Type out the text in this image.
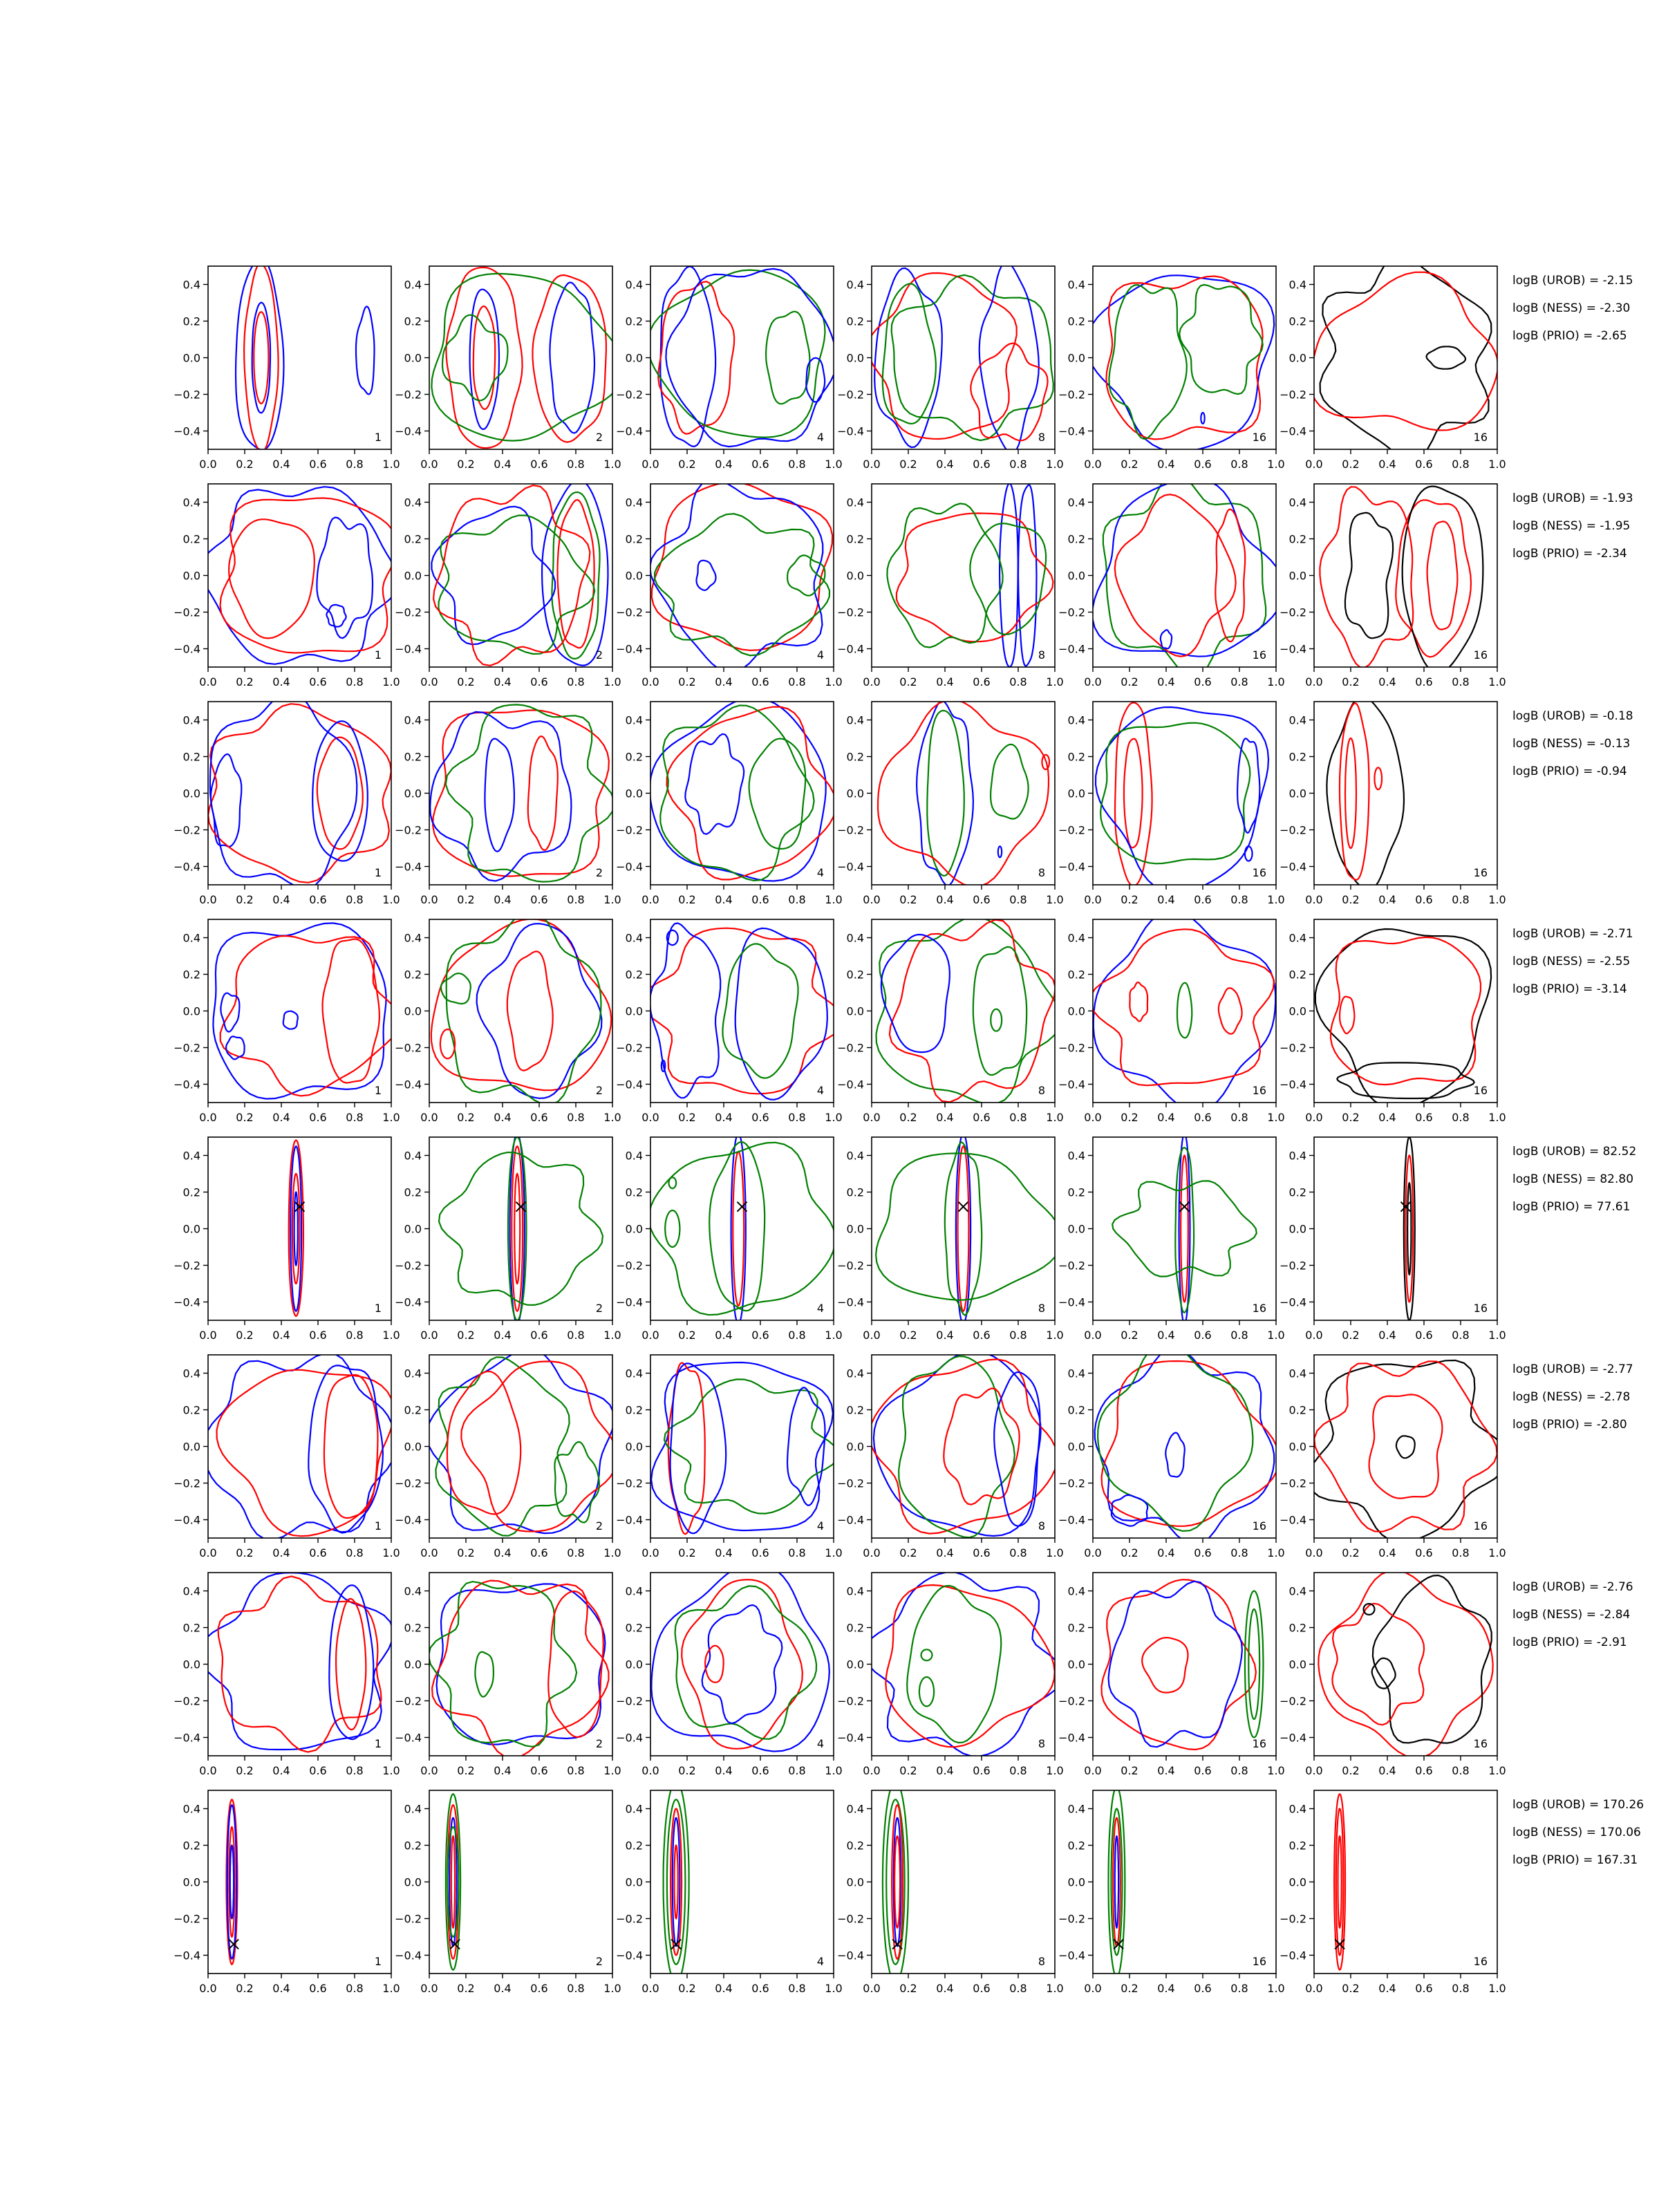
0.0 0.2 0.4 0.6 0.8 1.0
0.4
0.2
0.0
−0.2
−0.4	1
0.0 0.2 0.4 0.6 0.8 1.0
0.4
0.2
0.0
−0.2
−0.4	2
0.0 0.2 0.4 0.6 0.8 1.0
0.4
0.2
0.0
−0.2
−0.4	4
0.0 0.2 0.4 0.6 0.8 1.0
0.4
0.2
0.0
−0.2
−0.4	8
0.0 0.2 0.4 0.6 0.8 1.0
0.4
0.2
0.0
−0.2
−0.4	16
0.0 0.2 0.4 0.6 0.8 1.0
0.4
0.2
0.0
−0.2
−0.4	16
logB (UROB) = -2.15
logB (NESS) = -2.30
logB (PRIO) = -2.65
0.0 0.2 0.4 0.6 0.8 1.0
0.4
0.2
0.0
−0.2
−0.4	1
0.0 0.2 0.4 0.6 0.8 1.0
0.4
0.2
0.0
−0.2
−0.4	2
0.0 0.2 0.4 0.6 0.8 1.0
0.4
0.2
0.0
−0.2
−0.4	4
0.0 0.2 0.4 0.6 0.8 1.0
0.4
0.2
0.0
−0.2
−0.4	8
0.0 0.2 0.4 0.6 0.8 1.0
0.4
0.2
0.0
−0.2
−0.4	16
0.0 0.2 0.4 0.6 0.8 1.0
0.4
0.2
0.0
−0.2
−0.4	16
logB (UROB) = -1.93
logB (NESS) = -1.95
logB (PRIO) = -2.34
0.0 0.2 0.4 0.6 0.8 1.0
0.4
0.2
0.0
−0.2
−0.4	1
0.0 0.2 0.4 0.6 0.8 1.0
0.4
0.2
0.0
−0.2
−0.4	2
0.0 0.2 0.4 0.6 0.8 1.0
0.4
0.2
0.0
−0.2
−0.4	4
0.0 0.2 0.4 0.6 0.8 1.0
0.4
0.2
0.0
−0.2
−0.4	8
0.0 0.2 0.4 0.6 0.8 1.0
0.4
0.2
0.0
−0.2
−0.4	16
0.0 0.2 0.4 0.6 0.8 1.0
0.4
0.2
0.0
−0.2
−0.4	16
logB (UROB) = -0.18
logB (NESS) = -0.13
logB (PRIO) = -0.94
0.0 0.2 0.4 0.6 0.8 1.0
0.4
0.2
0.0
−0.2
−0.4	1
0.0 0.2 0.4 0.6 0.8 1.0
0.4
0.2
0.0
−0.2
−0.4	2
0.0 0.2 0.4 0.6 0.8 1.0
0.4
0.2
0.0
−0.2
−0.4	4
0.0 0.2 0.4 0.6 0.8 1.0
0.4
0.2
0.0
−0.2
−0.4	8
0.0 0.2 0.4 0.6 0.8 1.0
0.4
0.2
0.0
−0.2
−0.4	16
0.0 0.2 0.4 0.6 0.8 1.0
0.4
0.2
0.0
−0.2
−0.4	16
logB (UROB) = -2.71
logB (NESS) = -2.55
logB (PRIO) = -3.14
0.0 0.2 0.4 0.6 0.8 1.0
0.4
0.2
0.0
−0.2
−0.4	1
0.0 0.2 0.4 0.6 0.8 1.0
0.4
0.2
0.0
−0.2
−0.4	2
0.0 0.2 0.4 0.6 0.8 1.0
0.4
0.2
0.0
−0.2
−0.4	4
0.0 0.2 0.4 0.6 0.8 1.0
0.4
0.2
0.0
−0.2
−0.4	8
0.0 0.2 0.4 0.6 0.8 1.0
0.4
0.2
0.0
−0.2
−0.4	16
0.0 0.2 0.4 0.6 0.8 1.0
0.4
0.2
0.0
−0.2
−0.4	16
logB (UROB) = 82.52
logB (NESS) = 82.80
logB (PRIO) = 77.61
0.0 0.2 0.4 0.6 0.8 1.0
0.4
0.2
0.0
−0.2
−0.4	1
0.0 0.2 0.4 0.6 0.8 1.0
0.4
0.2
0.0
−0.2
−0.4	2
0.0 0.2 0.4 0.6 0.8 1.0
0.4
0.2
0.0
−0.2
−0.4	4
0.0 0.2 0.4 0.6 0.8 1.0
0.4
0.2
0.0
−0.2
−0.4	8
0.0 0.2 0.4 0.6 0.8 1.0
0.4
0.2
0.0
−0.2
−0.4	16
0.0 0.2 0.4 0.6 0.8 1.0
0.4
0.2
0.0
−0.2
−0.4	16
logB (UROB) = -2.77
logB (NESS) = -2.78
logB (PRIO) = -2.80
0.0 0.2 0.4 0.6 0.8 1.0
0.4
0.2
0.0
−0.2
−0.4	1
0.0 0.2 0.4 0.6 0.8 1.0
0.4
0.2
0.0
−0.2
−0.4	2
0.0 0.2 0.4 0.6 0.8 1.0
0.4
0.2
0.0
−0.2
−0.4	4
0.0 0.2 0.4 0.6 0.8 1.0
0.4
0.2
0.0
−0.2
−0.4	8
0.0 0.2 0.4 0.6 0.8 1.0
0.4
0.2
0.0
−0.2
−0.4	16
0.0 0.2 0.4 0.6 0.8 1.0
0.4
0.2
0.0
−0.2
−0.4	16
logB (UROB) = -2.76
logB (NESS) = -2.84
logB (PRIO) = -2.91
0.0 0.2 0.4 0.6 0.8 1.0
0.4
0.2
0.0
−0.2
−0.4	1
0.0 0.2 0.4 0.6 0.8 1.0
0.4
0.2
0.0
−0.2
−0.4	2
0.0 0.2 0.4 0.6 0.8 1.0
0.4
0.2
0.0
−0.2
−0.4	4
0.0 0.2 0.4 0.6 0.8 1.0
0.4
0.2
0.0
−0.2
−0.4	8
0.0 0.2 0.4 0.6 0.8 1.0
0.4
0.2
0.0
−0.2
−0.4	16
0.0 0.2 0.4 0.6 0.8 1.0
0.4
0.2
0.0
−0.2
−0.4	16
logB (UROB) = 170.26
logB (NESS) = 170.06
logB (PRIO) = 167.31
